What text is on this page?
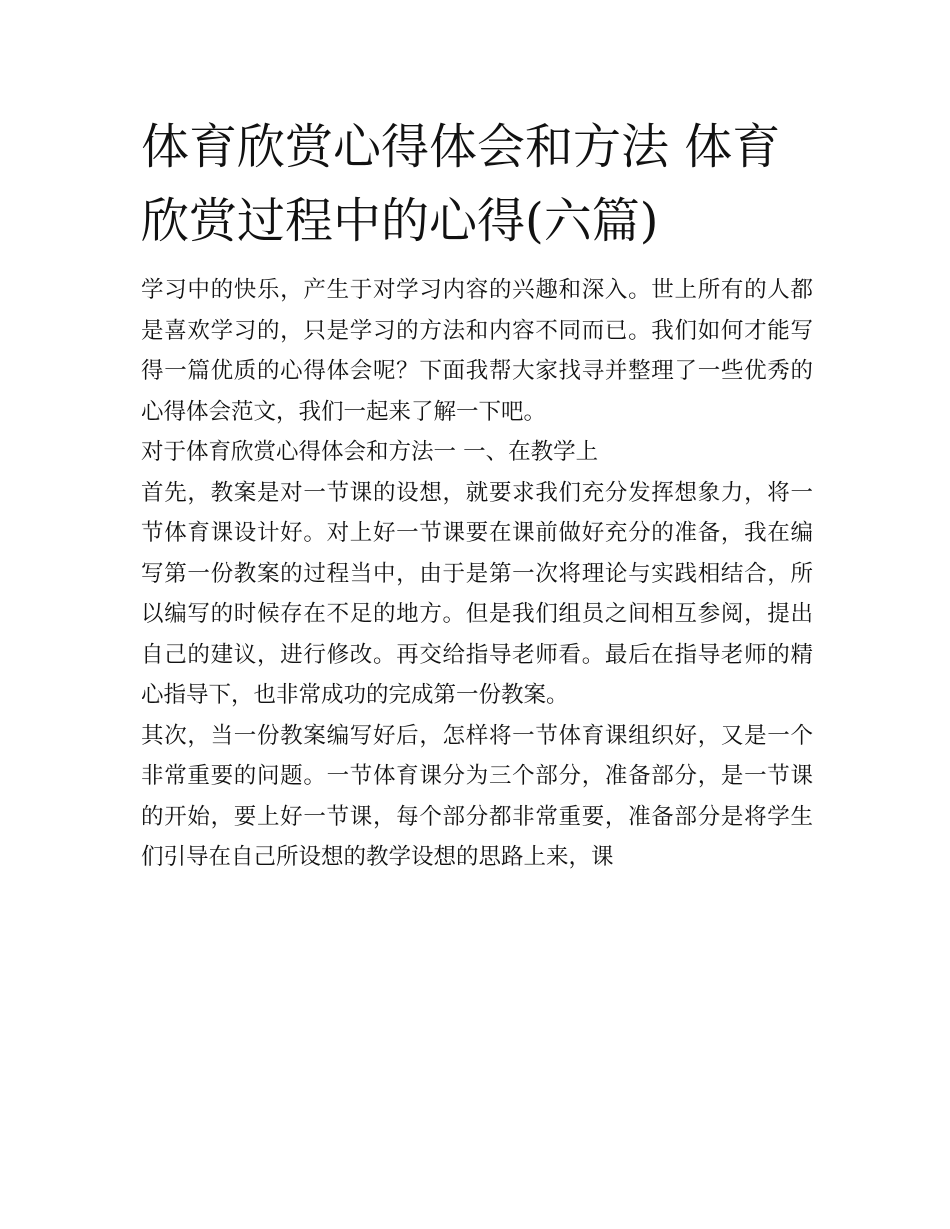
体育欣赏心得体会和方法 体育欣赏过程中的心得(六篇)

学习中的快乐，产生于对学习内容的兴趣和深入。世上所有的人都是喜欢学习的，只是学习的方法和内容不同而已。我们如何才能写得一篇优质的心得体会呢？下面我帮大家找寻并整理了一些优秀的心得体会范文，我们一起来了解一下吧。

对于体育欣赏心得体会和方法一 一、在教学上

首先，教案是对一节课的设想，就要求我们充分发挥想象力，将一节体育课设计好。对上好一节课要在课前做好充分的准备，我在编写第一份教案的过程当中，由于是第一次将理论与实践相结合，所以编写的时候存在不足的地方。但是我们组员之间相互参阅，提出自己的建议，进行修改。再交给指导老师看。最后在指导老师的精心指导下，也非常成功的完成第一份教案。

其次，当一份教案编写好后，怎样将一节体育课组织好，又是一个非常重要的问题。一节体育课分为三个部分，准备部分，是一节课的开始，要上好一节课，每个部分都非常重要，准备部分是将学生们引导在自己所设想的教学设想的思路上来，课
